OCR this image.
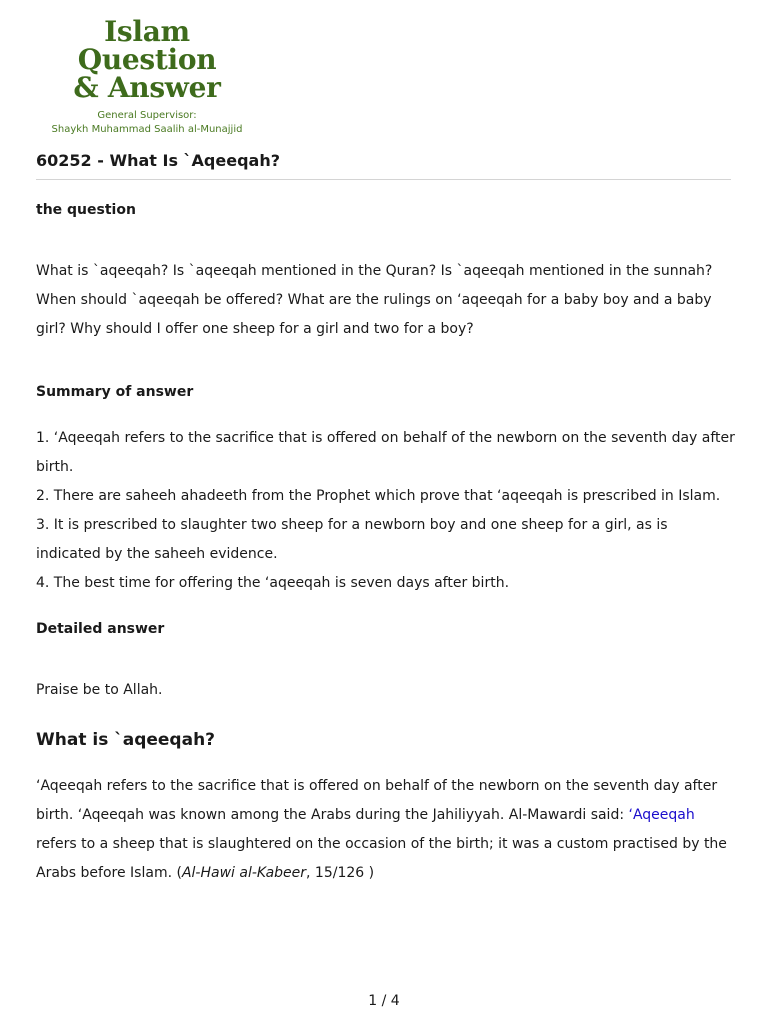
Islam Question
& Answer
General Supervisor:
Shaykh Muhammad Saalih al-Munajjid
60252 - What Is `Aqeeqah?

the question

What is `aqeeqah? Is `aqeeqah mentioned in the Quran? Is `aqeeqah mentioned in the sunnah? When should `aqeeqah be offered? What are the rulings on ‘aqeeqah for a baby boy and a baby girl? Why should I offer one sheep for a girl and two for a boy?

Summary of answer

1. ‘Aqeeqah refers to the sacrifice that is offered on behalf of the newborn on the seventh day after birth.
2. There are saheeh ahadeeth from the Prophet which prove that ‘aqeeqah is prescribed in Islam.
3. It is prescribed to slaughter two sheep for a newborn boy and one sheep for a girl, as is indicated by the saheeh evidence.
4. The best time for offering the ‘aqeeqah is seven days after birth.

Detailed answer

Praise be to Allah.

What is `aqeeqah?

‘Aqeeqah refers to the sacrifice that is offered on behalf of the newborn on the seventh day after birth. ‘Aqeeqah was known among the Arabs during the Jahiliyyah. Al-Mawardi said: ‘Aqeeqah refers to a sheep that is slaughtered on the occasion of the birth; it was a custom practised by the Arabs before Islam. (Al-Hawi al-Kabeer, 15/126 )

1 / 4
